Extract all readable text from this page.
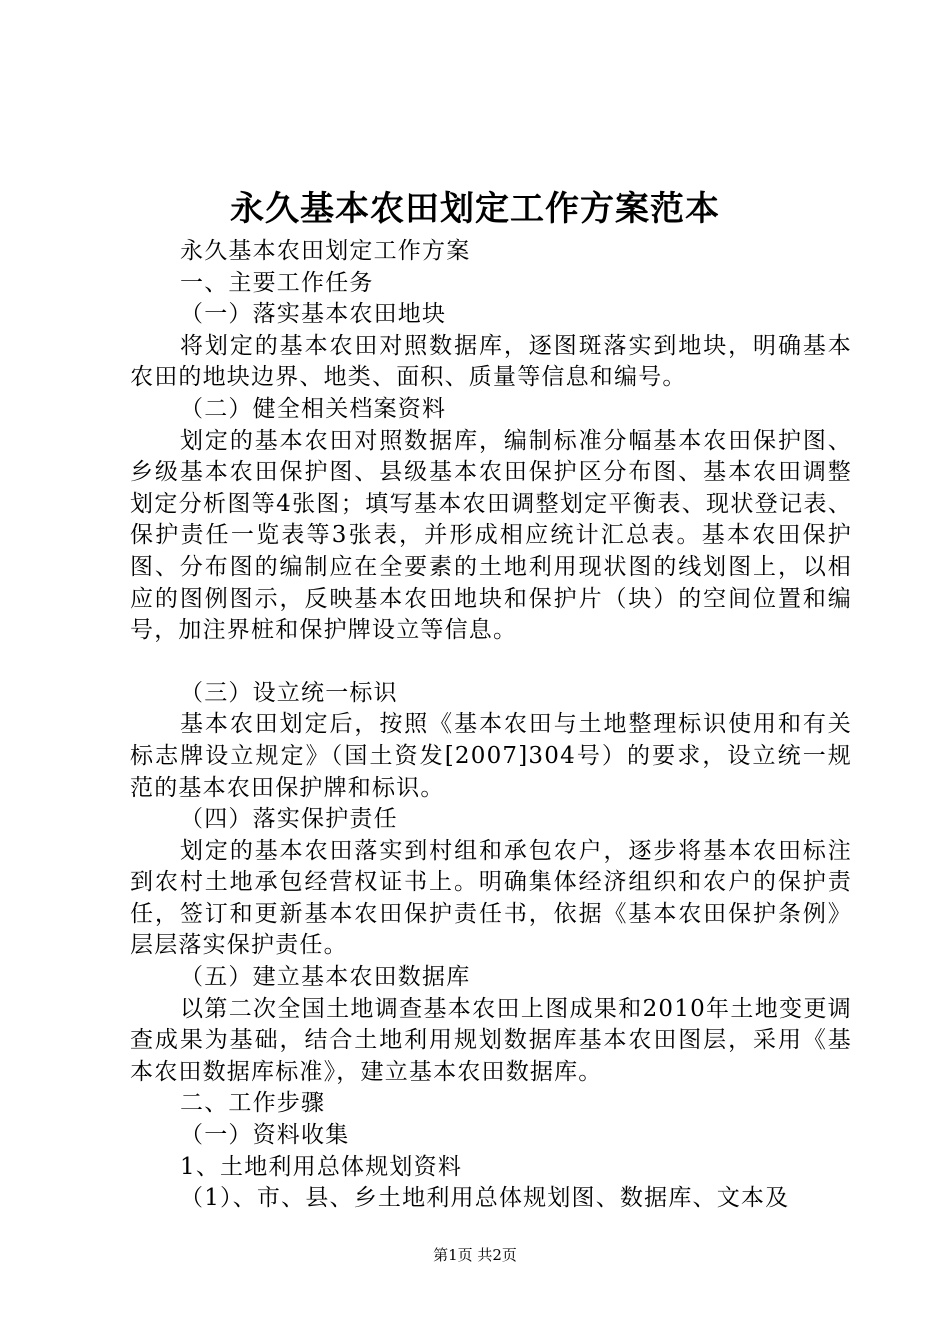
永久基本农田划定工作方案范本

永久基本农田划定工作方案

一、主要工作任务

（一）落实基本农田地块

将划定的基本农田对照数据库，逐图斑落实到地块，明确基本农田的地块边界、地类、面积、质量等信息和编号。

（二）健全相关档案资料

划定的基本农田对照数据库，编制标准分幅基本农田保护图、乡级基本农田保护图、县级基本农田保护区分布图、基本农田调整划定分析图等4张图；填写基本农田调整划定平衡表、现状登记表、保护责任一览表等3张表，并形成相应统计汇总表。基本农田保护图、分布图的编制应在全要素的土地利用现状图的线划图上，以相应的图例图示，反映基本农田地块和保护片（块）的空间位置和编号，加注界桩和保护牌设立等信息。

（三）设立统一标识

基本农田划定后，按照《基本农田与土地整理标识使用和有关标志牌设立规定》（国土资发[2007]304号）的要求，设立统一规范的基本农田保护牌和标识。

（四）落实保护责任

划定的基本农田落实到村组和承包农户，逐步将基本农田标注到农村土地承包经营权证书上。明确集体经济组织和农户的保护责任，签订和更新基本农田保护责任书，依据《基本农田保护条例》层层落实保护责任。

（五）建立基本农田数据库

以第二次全国土地调查基本农田上图成果和2010年土地变更调查成果为基础，结合土地利用规划数据库基本农田图层，采用《基本农田数据库标准》，建立基本农田数据库。

二、工作步骤

（一）资料收集

1、土地利用总体规划资料

（1）、市、县、乡土地利用总体规划图、数据库、文本及

第1页 共2页
